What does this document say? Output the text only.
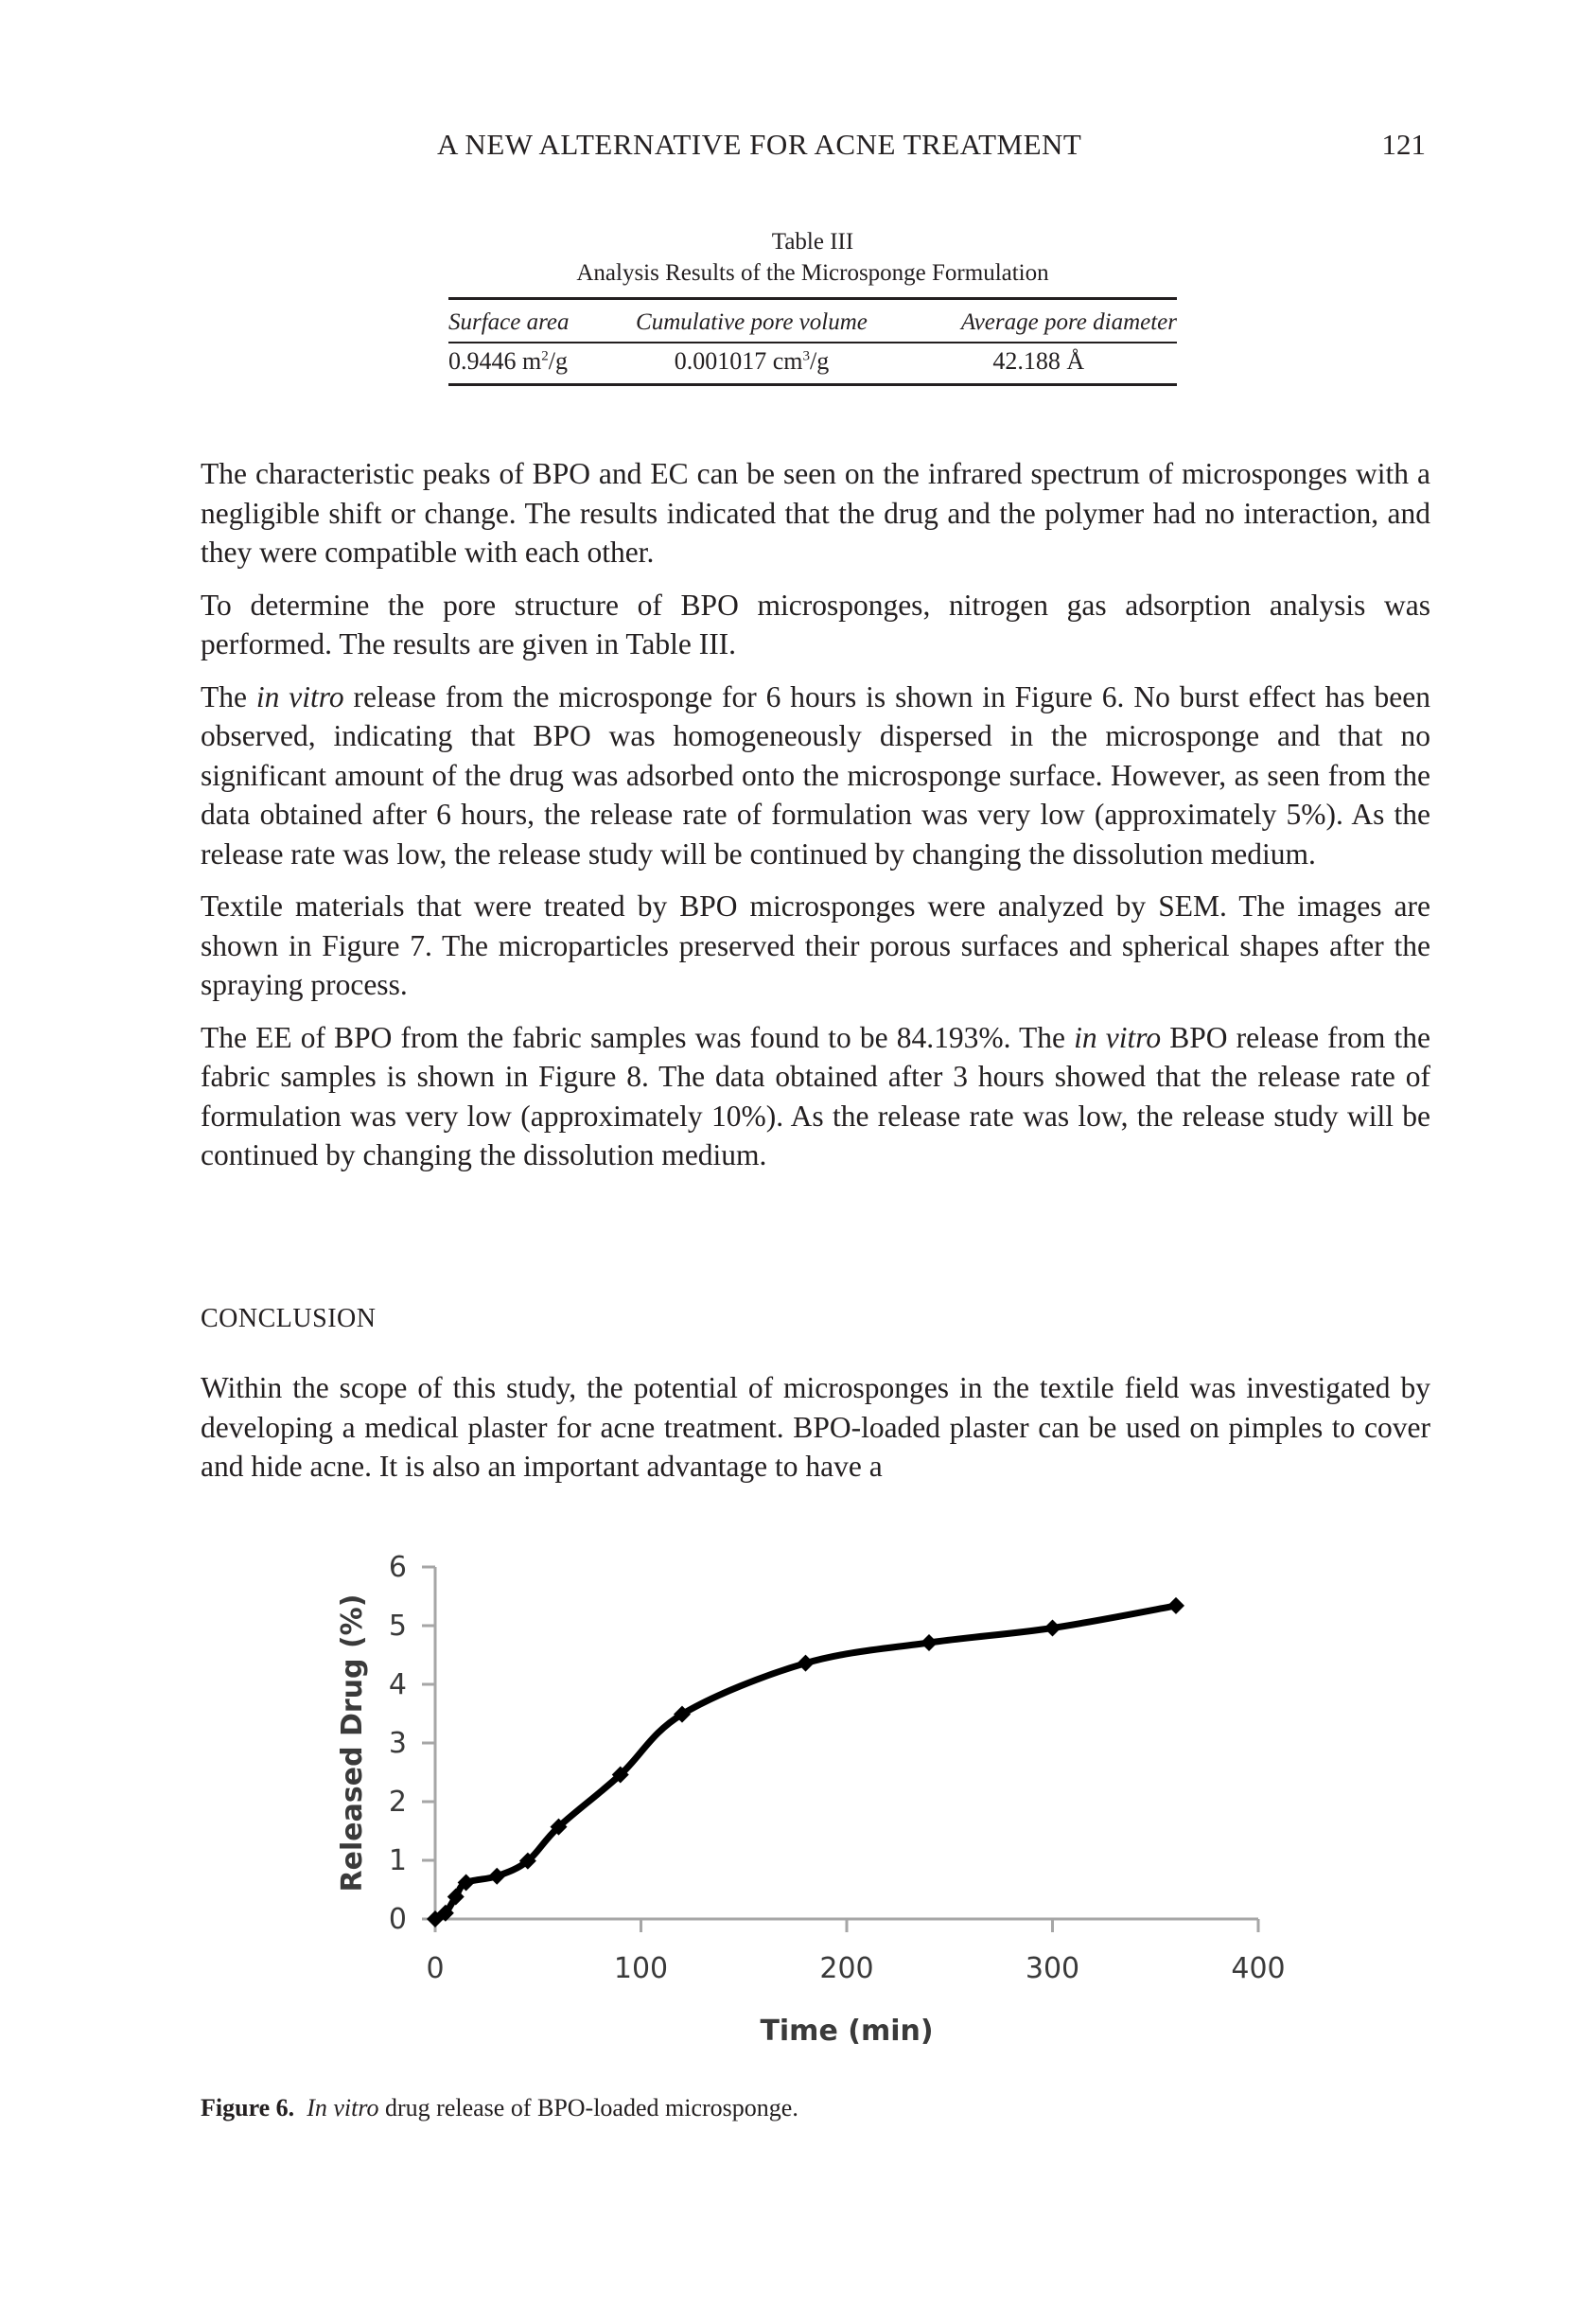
A NEW ALTERNATIVE FOR ACNE TREATMENT	121
Table III
Analysis Results of the Microsponge Formulation
Surface area	Cumulative pore volume	Average pore diameter
0.9446 $m^2/g$	0.001017 $cm^3/g$	42.188 Å

The characteristic peaks of BPO and EC can be seen on the infrared spectrum of microsponges with a negligible shift or change. The results indicated that the drug and the polymer had no interaction, and they were compatible with each other.

To determine the pore structure of BPO microsponges, nitrogen gas adsorption analysis was performed. The results are given in Table III.

The in vitro release from the microsponge for 6 hours is shown in Figure 6. No burst effect has been observed, indicating that BPO was homogeneously dispersed in the microsponge and that no significant amount of the drug was adsorbed onto the microsponge surface. However, as seen from the data obtained after 6 hours, the release rate of formulation was very low (approximately 5%). As the release rate was low, the release study will be continued by changing the dissolution medium.

Textile materials that were treated by BPO microsponges were analyzed by SEM. The images are shown in Figure 7. The microparticles preserved their porous surfaces and spherical shapes after the spraying process.

The EE of BPO from the fabric samples was found to be 84.193%. The in vitro BPO release from the fabric samples is shown in Figure 8. The data obtained after 3 hours showed that the release rate of formulation was very low (approximately 10%). As the release rate was low, the release study will be continued by changing the dissolution medium.

CONCLUSION

Within the scope of this study, the potential of microsponges in the textile field was investigated by developing a medical plaster for acne treatment. BPO-loaded plaster can be used on pimples to cover and hide acne. It is also an important advantage to have a

0
1
2
3
4
5
6
0	100	200	300	400
Time (min)
Released Drug (%)
Figure 6. In vitro drug release of BPO-loaded microsponge.
